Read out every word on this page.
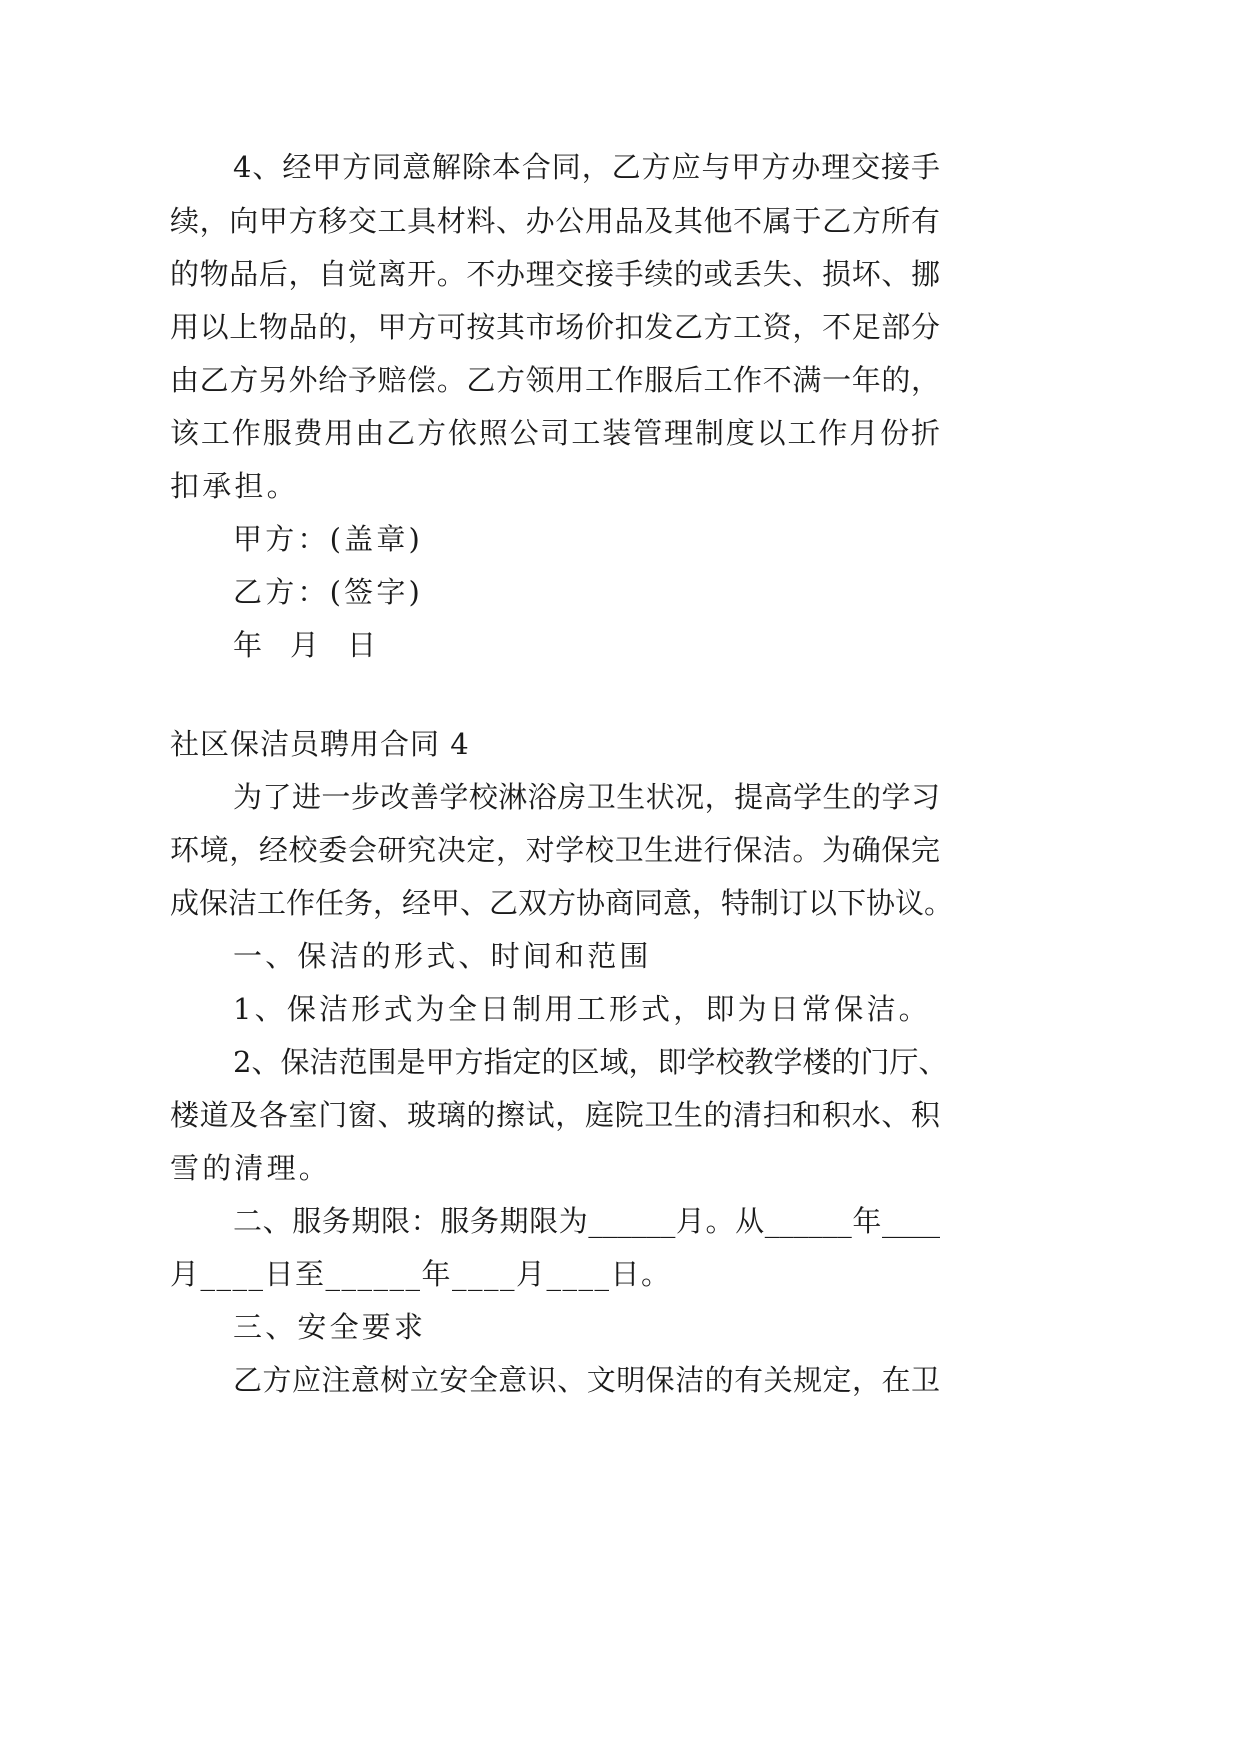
4、经甲方同意解除本合同，乙方应与甲方办理交接手
续，向甲方移交工具材料、办公用品及其他不属于乙方所有
的物品后，自觉离开。不办理交接手续的或丢失、损坏、挪
用以上物品的，甲方可按其市场价扣发乙方工资，不足部分
由乙方另外给予赔偿。乙方领用工作服后工作不满一年的，
该工作服费用由乙方依照公司工装管理制度以工作月份折
扣承担。
甲方：(盖章)
乙方：(签字)
年  月  日
社区保洁员聘用合同 4
为了进一步改善学校淋浴房卫生状况，提高学生的学习
环境，经校委会研究决定，对学校卫生进行保洁。为确保完
成保洁工作任务，经甲、乙双方协商同意，特制订以下协议。
一、保洁的形式、时间和范围
1、保洁形式为全日制用工形式，即为日常保洁。
2、保洁范围是甲方指定的区域，即学校教学楼的门厅、
楼道及各室门窗、玻璃的擦试，庭院卫生的清扫和积水、积
雪的清理。
二、服务期限：服务期限为______月。从______年____
月____日至______年____月____日。
三、安全要求
乙方应注意树立安全意识、文明保洁的有关规定，在卫
